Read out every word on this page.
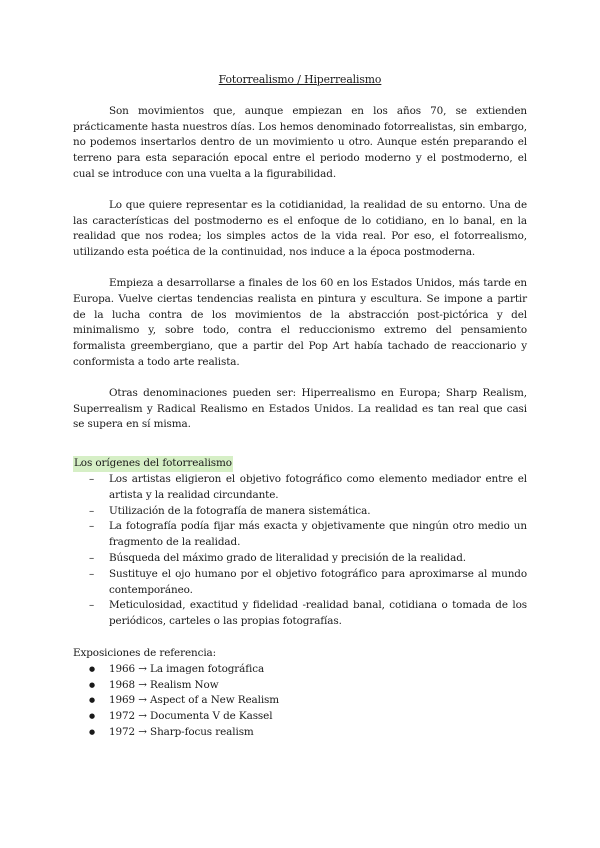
Fotorrealismo / Hiperrealismo

Son movimientos que, aunque empiezan en los años 70, se extienden prácticamente hasta nuestros días. Los hemos denominado fotorrealistas, sin embargo, no podemos insertarlos dentro de un movimiento u otro. Aunque estén preparando el terreno para esta separación epocal entre el periodo moderno y el postmoderno, el cual se introduce con una vuelta a la figurabilidad.

Lo que quiere representar es la cotidianidad, la realidad de su entorno. Una de las características del postmoderno es el enfoque de lo cotidiano, en lo banal, en la realidad que nos rodea; los simples actos de la vida real. Por eso, el fotorrealismo, utilizando esta poética de la continuidad, nos induce a la época postmoderna.

Empieza a desarrollarse a finales de los 60 en los Estados Unidos, más tarde en Europa. Vuelve ciertas tendencias realista en pintura y escultura. Se impone a partir de la lucha contra de los movimientos de la abstracción post-pictórica y del minimalismo y, sobre todo, contra el reduccionismo extremo del pensamiento formalista greembergiano, que a partir del Pop Art había tachado de reaccionario y conformista a todo arte realista.

Otras denominaciones pueden ser: Hiperrealismo en Europa; Sharp Realism, Superrealism y Radical Realismo en Estados Unidos. La realidad es tan real que casi se supera en sí misma.

Los orígenes del fotorrealismo
– Los artistas eligieron el objetivo fotográfico como elemento mediador entre el artista y la realidad circundante.
– Utilización de la fotografía de manera sistemática.
– La fotografía podía fijar más exacta y objetivamente que ningún otro medio un fragmento de la realidad.
– Búsqueda del máximo grado de literalidad y precisión de la realidad.
– Sustituye el ojo humano por el objetivo fotográfico para aproximarse al mundo contemporáneo.
– Meticulosidad, exactitud y fidelidad -realidad banal, cotidiana o tomada de los periódicos, carteles o las propias fotografías.
Exposiciones de referencia:
● 1966 → La imagen fotográfica
● 1968 → Realism Now
● 1969 → Aspect of a New Realism
● 1972 → Documenta V de Kassel
● 1972 → Sharp-focus realism
